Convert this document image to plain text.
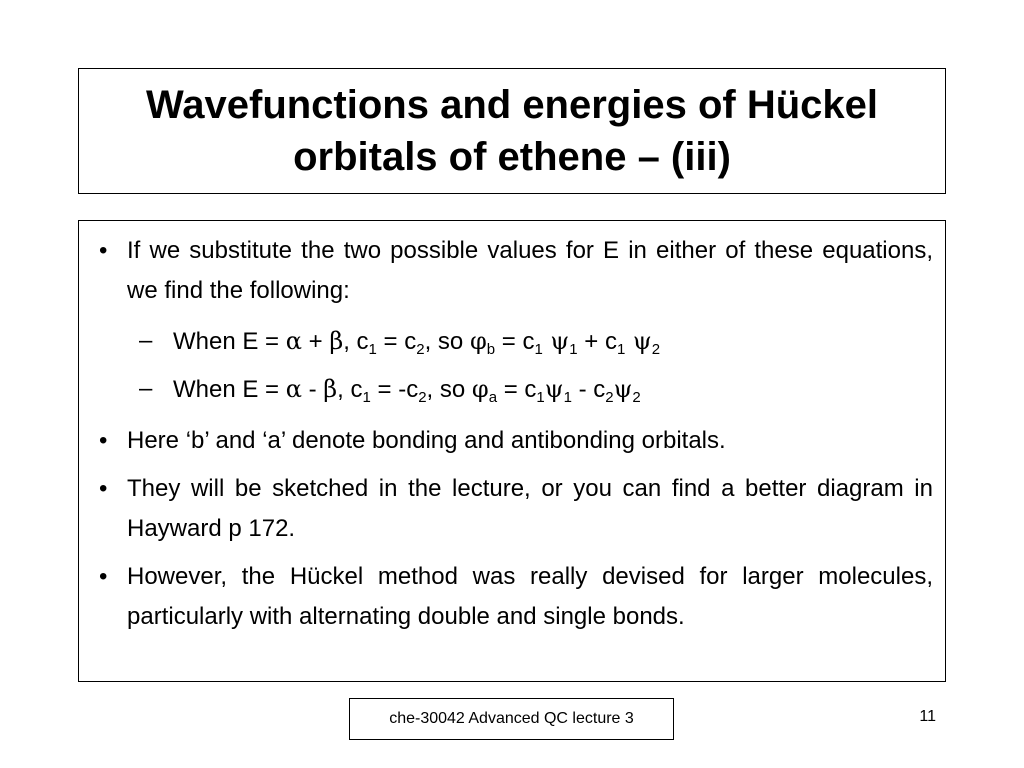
Wavefunctions and energies of Hückel orbitals of ethene – (iii)
• If we substitute the two possible values for E in either of these equations, we find the following:
– When E = α + β, $c_1 = c_2$, so $\varphi_b = c_1$ $\psi_1 + c_1$ $\psi_2$
– When E = α - β, $c_1 = -c_2$, so $\varphi_a = c_1\psi_1 - c_2\psi_2$
• Here ‘b’ and ‘a’ denote bonding and antibonding orbitals.
• They will be sketched in the lecture, or you can find a better diagram in Hayward p 172.
• However, the Hückel method was really devised for larger molecules, particularly with alternating double and single bonds.
che-30042 Advanced QC lecture 3	11
